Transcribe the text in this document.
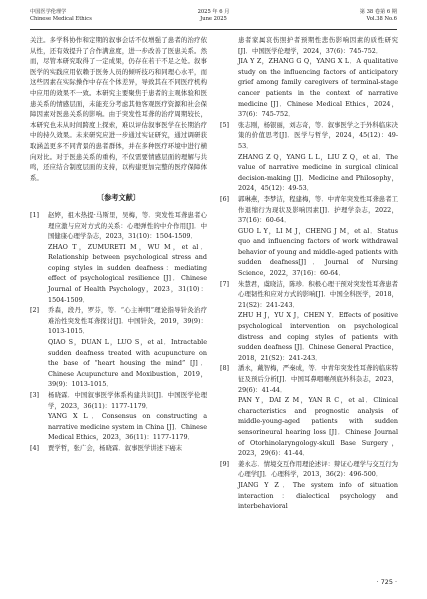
中国医学伦理学
Chinese Medical Ethics
2025 年 6 月
June 2025
第 38 卷第 6 期
Vol.38 No.6
关注。多学科协作和定期的叙事会话不仅增强了患者的治疗依从性，还有效提升了合作满意度，进一步改善了医患关系。然而，尽管本研究取得了一定成果，仍存在若干不足之处。叙事医学的实践应用依赖于医务人员的倾听技巧和同理心水平，而这些因素在实际操作中存在个体差异，导致其在不同医疗机构中应用的效果不一致。本研究主要聚焦于患者的主观体验和医患关系的情感层面，未能充分考虑其他客观医疗资源和社会保障因素对医患关系的影响。由于突发性耳聋的治疗周期较长，本研究也未从时间跨度上探索，难以评估叙事医学在长期治疗中的持久效果。未来研究应进一步通过实证研究，通过调研获取涵盖更多不同背景的患者群体，并在多种医疗环境中进行横向对比。对于医患关系的重构，不仅需要情感层面的理解与共鸣，还应结合制度层面的支持，以构建更加完整的医疗保障体系。
〔参考文献〕
[1]	赵婷，祖木热提·马斯里，吴梅，等．突发性耳聋患者心理应激与应对方式的关系：心理弹性的中介作用[J]．中国健康心理学杂志，2023，31(10)：1504-1509．
ZHAO T，ZUMURETI M，WU M，et al．Relationship between psychological stress and coping styles in sudden deafness：mediating effect of psychological resilience [J]．Chinese Journal of Health Psychology，2023，31(10)：1504-1509．
[2]	乔森，段丹，罗芬，等．“心主神明”理论指导针灸治疗难治性突发性耳聋探讨[J]．中国针灸，2019，39(9)：1013-1015．
QIAO S，DUAN L，LUO S，et al．Intractable sudden deafness treated with acupuncture on the base of “heart housing the mind” [J]．Chinese Acupuncture and Moxibustion，2019，39(9)：1013-1015．
[3]	杨晓霖．中国叙事医学体系构建共识[J]．中国医学伦理学，2023，36(11)：1177-1179．
YANG X L．Consensus on constructing a narrative medicine system in China [J]．Chinese Medical Ethics，2023，36(11)：1177-1179．
[4]	贾学哲，张广会，杨晓霖．叙事医学讲述下癌末
患者家属哀伤照护者预期性悲伤影响因素的质性研究[J]．中国医学伦理学，2024，37(6)：745-752．
JIA Y Z，ZHANG G Q，YANG X L．A qualitative study on the influencing factors of anticipatory grief among family caregivers of terminal-stage cancer patients in the context of narrative medicine [J]．Chinese Medical Ethics，2024，37(6)：745-752．
[5]	张志刚，杨银丽，刘志奇，等．叙事医学之于外科临床决策的价值思考[J]．医学与哲学，2024，45(12)：49-53．
ZHANG Z Q，YANG L L，LIU Z Q，et al．The value of narrative medicine in surgical clinical decision-making [J]．Medicine and Philosophy，2024，45(12)：49-53．
[6]	郭琳燕，李梦洁，程建梅，等．中青年突发性耳聋患者工作退缩行为现状及影响因素[J]．护理学杂志，2022，37(16)：60-64．
GUO L Y，LI M J，CHENG J M，et al．Status quo and influencing factors of work withdrawal behavior of young and middle-aged patients with sudden deafness[J]．Journal of Nursing Science，2022，37(16)：60-64．
[7]	朱慧君，虞晓洁，陈珍．积极心理干预对突发性耳聋患者心理韧性和应对方式的影响[J]．中国全科医学，2018，21(S2)：241-243．
ZHU H J，YU X J，CHEN Y．Effects of positive psychological intervention on psychological distress and coping styles of patients with sudden deafness [J]．Chinese General Practice，2018，21(S2)：241-243．
[8]	潘永，戴智梅，严秦成，等．中青年突发性耳聋的临床特征及预后分析[J]．中国耳鼻咽喉颅底外科杂志，2023，29(6)：41-44．
PAN Y，DAI Z M，YAN R C，et al．Clinical characteristics and prognostic analysis of middle-young-aged patients with sudden sensorineural hearing loss [J]．Chinese Journal of Otorhinolaryngology-skull Base Surgery，2023，29(6)：41-44．
[9]	姜永志．情境交互作用理论述评：辩证心理学与交互行为心理学[J]．心理科学，2013，36(2)：496-500．
JIANG Y Z．The system info of situation interaction：dialectical psychology and interbehavioral
· 725 ·
